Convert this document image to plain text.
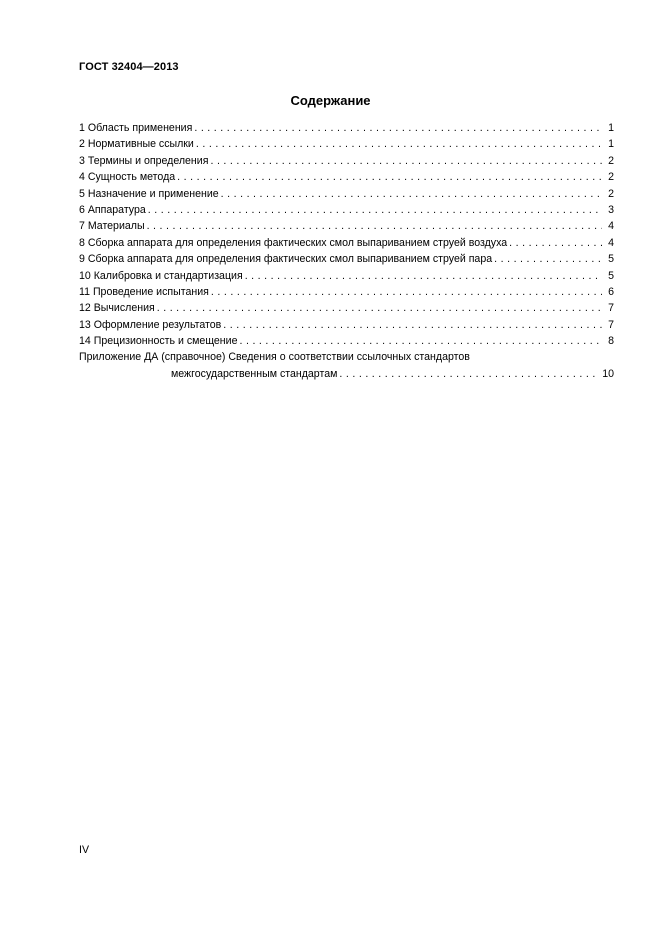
ГОСТ 32404—2013
Содержание
1 Область применения . . .	1
2 Нормативные ссылки . . .	1
3 Термины и определения . . .	2
4 Сущность метода . . .	2
5 Назначение и применение . . .	2
6 Аппаратура . . .	3
7 Материалы . . .	4
8 Сборка аппарата для определения фактических смол выпариванием струей воздуха . . .	4
9 Сборка аппарата для определения фактических смол выпариванием струей пара . . .	5
10 Калибровка и стандартизация . . .	5
11 Проведение испытания . . .	6
12 Вычисления . . .	7
13 Оформление результатов . . .	7
14 Прецизионность и смещение . . .	8
Приложение ДА (справочное) Сведения о соответствии ссылочных стандартов
межгосударственным стандартам . . .	10
IV
